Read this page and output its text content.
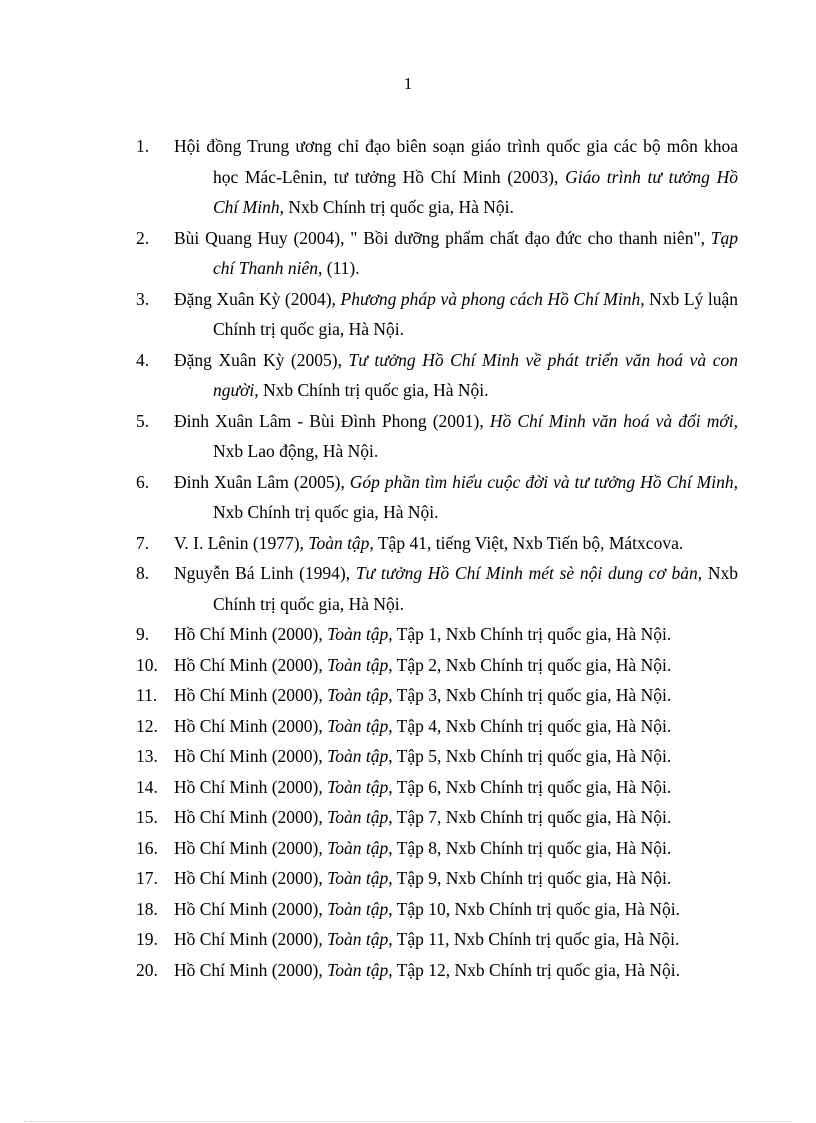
1
1.	Hội đồng Trung ương chỉ đạo biên soạn giáo trình quốc gia các bộ môn khoa học Mác-Lênin, tư tưởng Hồ Chí Minh (2003), Giáo trình tư tưởng Hồ Chí Minh, Nxb Chính trị quốc gia, Hà Nội.
2.	Bùi Quang Huy (2004), " Bồi dưỡng phẩm chất đạo đức cho thanh niên", Tạp chí Thanh niên, (11).
3.	Đặng Xuân Kỳ (2004), Phương pháp và phong cách Hồ Chí Minh, Nxb Lý luận Chính trị quốc gia, Hà Nội.
4.	Đặng Xuân Kỳ (2005), Tư tưởng Hồ Chí Minh về phát triển văn hoá và con người, Nxb Chính trị quốc gia, Hà Nội.
5.	Đinh Xuân Lâm - Bùi Đình Phong (2001), Hồ Chí Minh văn hoá và đổi mới, Nxb Lao động, Hà Nội.
6.	Đinh Xuân Lâm (2005), Góp phần tìm hiểu cuộc đời và tư tưởng Hồ Chí Minh, Nxb Chính trị quốc gia, Hà Nội.
7.	V. I. Lênin (1977), Toàn tập, Tập 41, tiếng Việt, Nxb Tiến bộ, Mátxcova.
8.	Nguyễn Bá Linh (1994), Tư tưởng Hồ Chí Minh mét sè nội dung cơ bản, Nxb Chính trị quốc gia, Hà Nội.
9.	Hồ Chí Minh (2000), Toàn tập, Tập 1, Nxb Chính trị quốc gia, Hà Nội.
10. Hồ Chí Minh (2000), Toàn tập, Tập 2, Nxb Chính trị quốc gia, Hà Nội.
11. Hồ Chí Minh (2000), Toàn tập, Tập 3, Nxb Chính trị quốc gia, Hà Nội.
12. Hồ Chí Minh (2000), Toàn tập, Tập 4, Nxb Chính trị quốc gia, Hà Nội.
13. Hồ Chí Minh (2000), Toàn tập, Tập 5, Nxb Chính trị quốc gia, Hà Nội.
14. Hồ Chí Minh (2000), Toàn tập, Tập 6, Nxb Chính trị quốc gia, Hà Nội.
15. Hồ Chí Minh (2000), Toàn tập, Tập 7, Nxb Chính trị quốc gia, Hà Nội.
16. Hồ Chí Minh (2000), Toàn tập, Tập 8, Nxb Chính trị quốc gia, Hà Nội.
17. Hồ Chí Minh (2000), Toàn tập, Tập 9, Nxb Chính trị quốc gia, Hà Nội.
18. Hồ Chí Minh (2000), Toàn tập, Tập 10, Nxb Chính trị quốc gia, Hà Nội.
19. Hồ Chí Minh (2000), Toàn tập, Tập 11, Nxb Chính trị quốc gia, Hà Nội.
20. Hồ Chí Minh (2000), Toàn tập, Tập 12, Nxb Chính trị quốc gia, Hà Nội.
